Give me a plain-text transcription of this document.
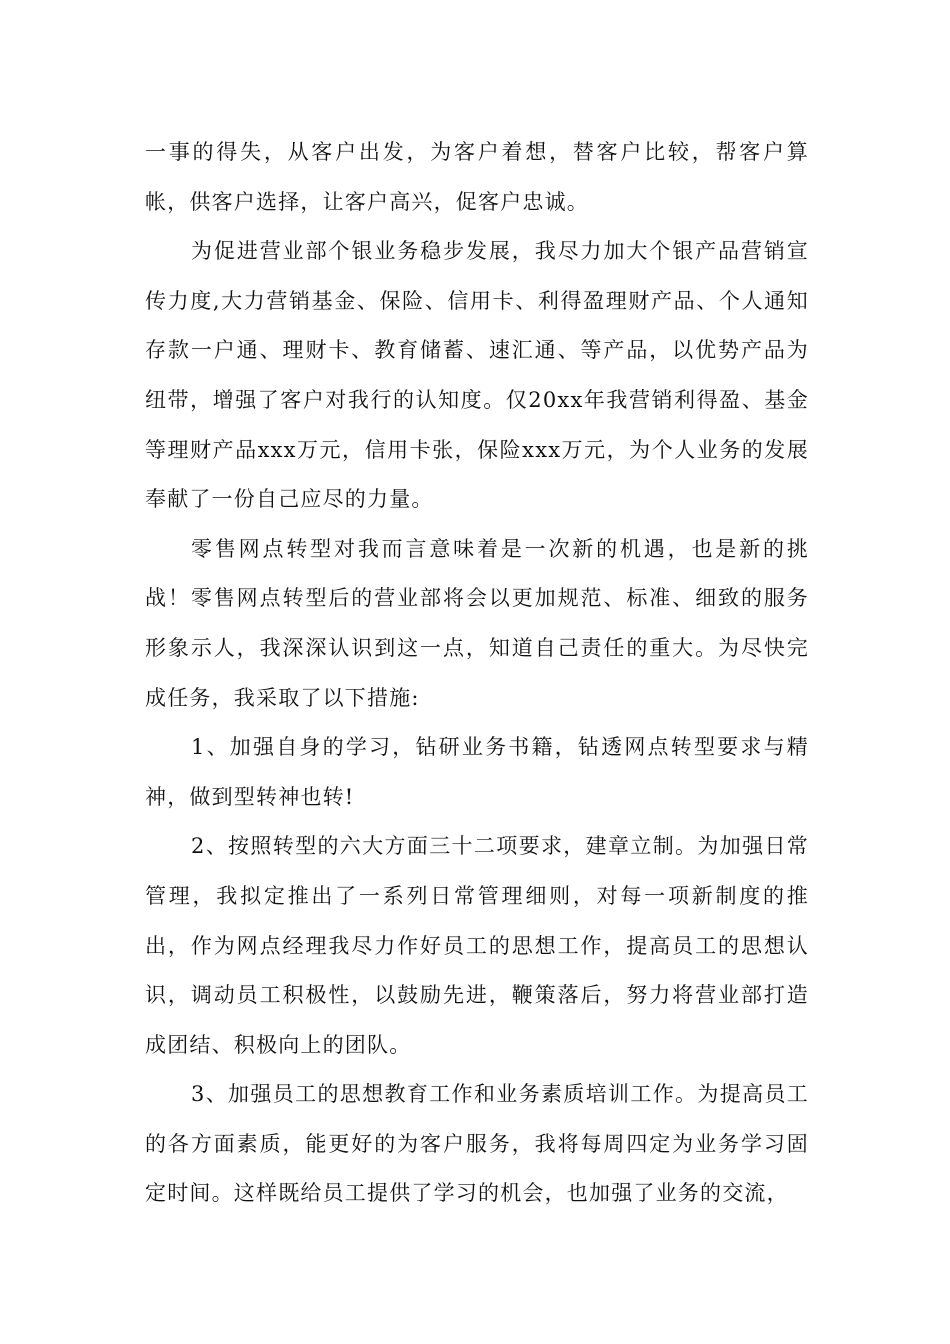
一事的得失，从客户出发，为客户着想，替客户比较，帮客户算帐，供客户选择，让客户高兴，促客户忠诚。

为促进营业部个银业务稳步发展，我尽力加大个银产品营销宣传力度,大力营销基金、保险、信用卡、利得盈理财产品、个人通知存款一户通、理财卡、教育储蓄、速汇通、等产品，以优势产品为纽带，增强了客户对我行的认知度。仅20xx年我营销利得盈、基金等理财产品xxx万元，信用卡张，保险xxx万元，为个人业务的发展奉献了一份自己应尽的力量。

零售网点转型对我而言意味着是一次新的机遇，也是新的挑战！零售网点转型后的营业部将会以更加规范、标准、细致的服务形象示人，我深深认识到这一点，知道自己责任的重大。为尽快完成任务，我采取了以下措施:

1、加强自身的学习，钻研业务书籍，钻透网点转型要求与精神，做到型转神也转!

2、按照转型的六大方面三十二项要求，建章立制。为加强日常管理，我拟定推出了一系列日常管理细则，对每一项新制度的推出，作为网点经理我尽力作好员工的思想工作，提高员工的思想认识，调动员工积极性，以鼓励先进，鞭策落后，努力将营业部打造成团结、积极向上的团队。

3、加强员工的思想教育工作和业务素质培训工作。为提高员工的各方面素质，能更好的为客户服务，我将每周四定为业务学习固定时间。这样既给员工提供了学习的机会，也加强了业务的交流，
